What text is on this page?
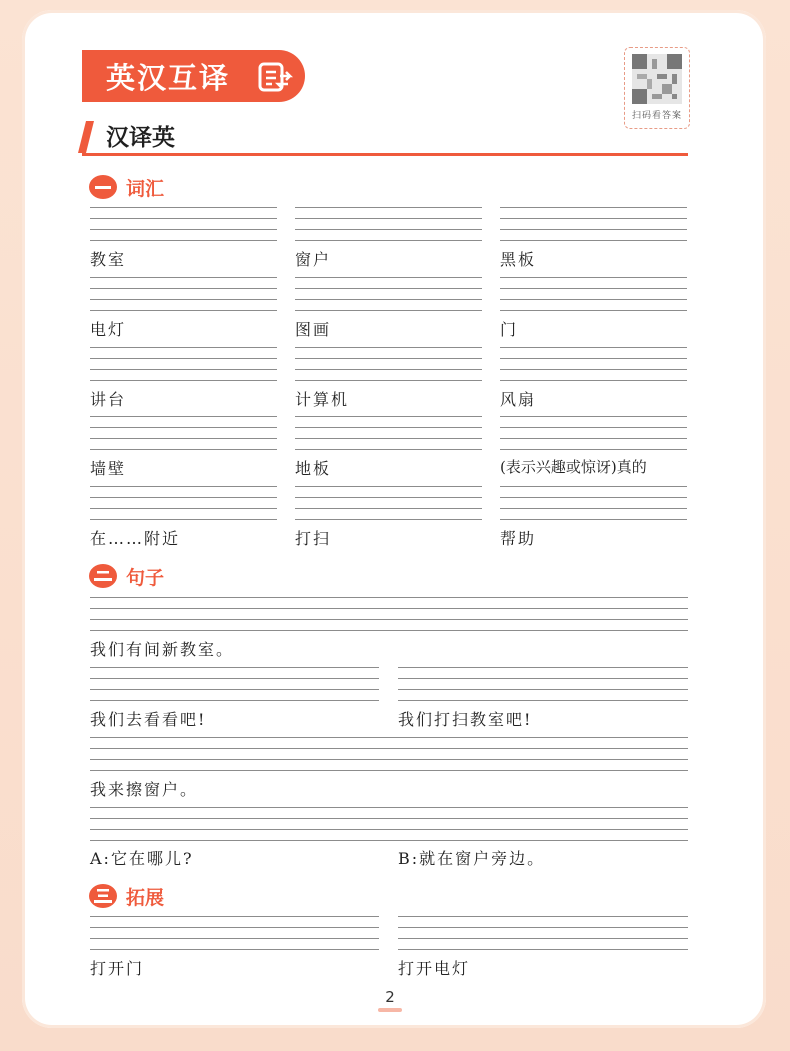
英汉互译
扫码看答案
汉译英
词汇
句子
拓展
教室	窗户	黑板
电灯	图画	门
讲台	计算机	风扇
墙壁	地板	(表示兴趣或惊讶)真的
在……附近	打扫	帮助
我们有间新教室。
我们去看看吧!	我们打扫教室吧!
我来擦窗户。
A:它在哪儿?	B:就在窗户旁边。
打开门	打开电灯
2
